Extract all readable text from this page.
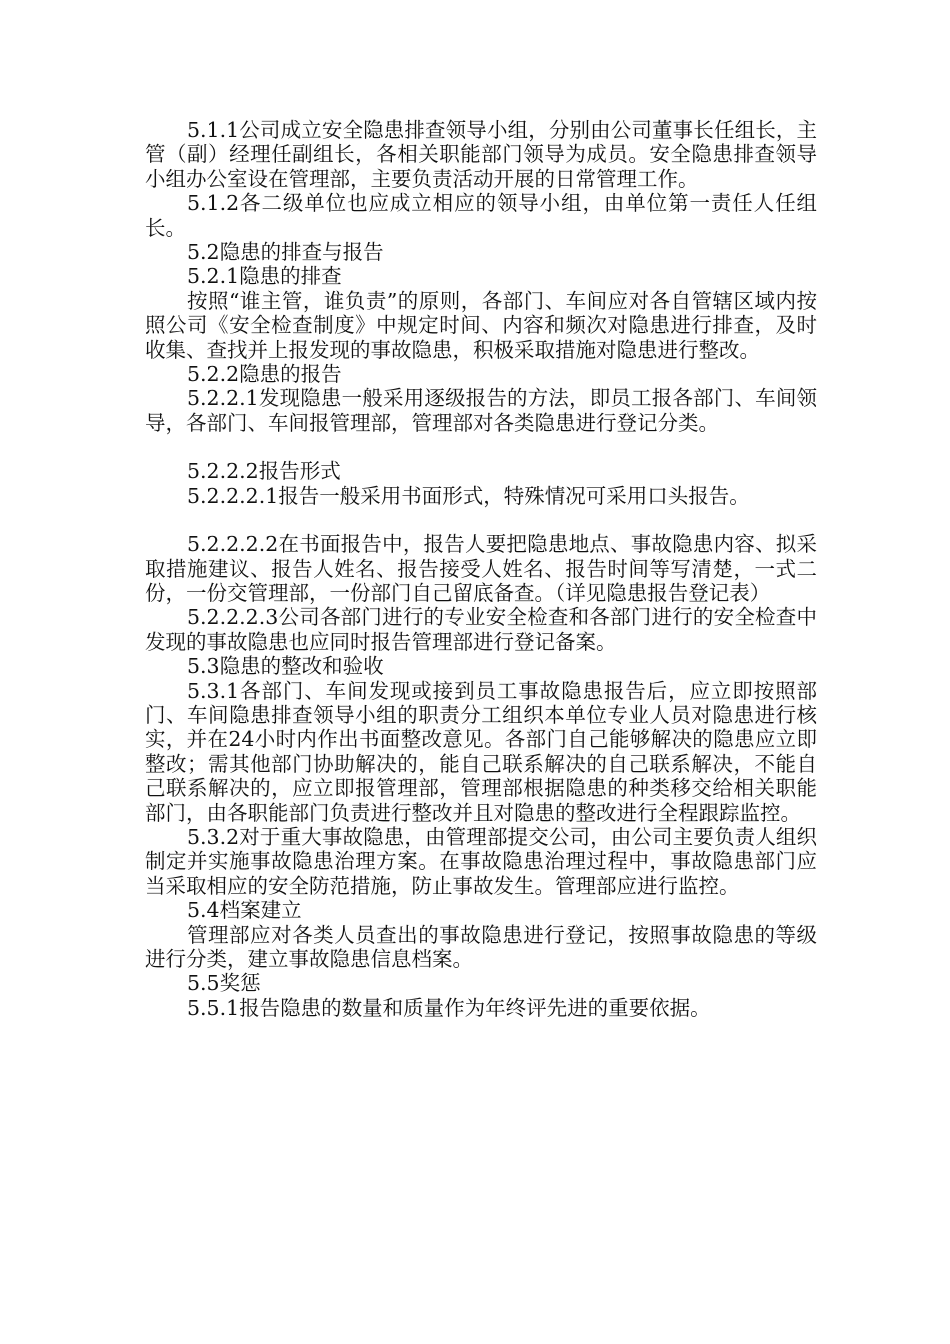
5.1.1公司成立安全隐患排查领导小组，分别由公司董事长任组长，主管（副）经理任副组长，各相关职能部门领导为成员。安全隐患排查领导小组办公室设在管理部，主要负责活动开展的日常管理工作。

5.1.2各二级单位也应成立相应的领导小组，由单位第一责任人任组长。

5.2隐患的排查与报告

5.2.1隐患的排查

按照“谁主管，谁负责”的原则，各部门、车间应对各自管辖区域内按照公司《安全检查制度》中规定时间、内容和频次对隐患进行排查，及时收集、查找并上报发现的事故隐患，积极采取措施对隐患进行整改。

5.2.2隐患的报告

5.2.2.1发现隐患一般采用逐级报告的方法，即员工报各部门、车间领导，各部门、车间报管理部，管理部对各类隐患进行登记分类。

5.2.2.2报告形式

5.2.2.2.1报告一般采用书面形式，特殊情况可采用口头报告。

5.2.2.2.2在书面报告中，报告人要把隐患地点、事故隐患内容、拟采取措施建议、报告人姓名、报告接受人姓名、报告时间等写清楚，一式二份，一份交管理部，一份部门自己留底备查。（详见隐患报告登记表）

5.2.2.2.3公司各部门进行的专业安全检查和各部门进行的安全检查中发现的事故隐患也应同时报告管理部进行登记备案。

5.3隐患的整改和验收

5.3.1各部门、车间发现或接到员工事故隐患报告后，应立即按照部门、车间隐患排查领导小组的职责分工组织本单位专业人员对隐患进行核实，并在24小时内作出书面整改意见。各部门自己能够解决的隐患应立即整改；需其他部门协助解决的，能自己联系解决的自己联系解决，不能自己联系解决的，应立即报管理部，管理部根据隐患的种类移交给相关职能部门，由各职能部门负责进行整改并且对隐患的整改进行全程跟踪监控。

5.3.2对于重大事故隐患，由管理部提交公司，由公司主要负责人组织制定并实施事故隐患治理方案。在事故隐患治理过程中，事故隐患部门应当采取相应的安全防范措施，防止事故发生。管理部应进行监控。

5.4档案建立

管理部应对各类人员查出的事故隐患进行登记，按照事故隐患的等级进行分类，建立事故隐患信息档案。

5.5奖惩

5.5.1报告隐患的数量和质量作为年终评先进的重要依据。
